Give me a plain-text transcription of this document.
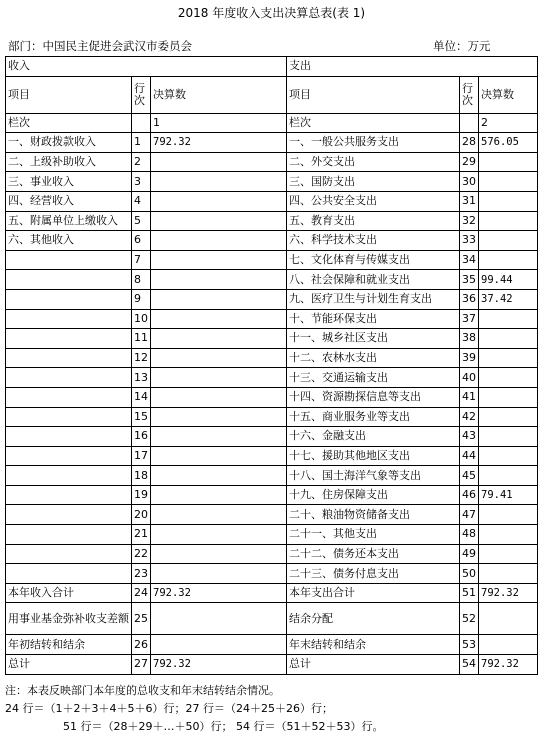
2018 年度收入支出决算总表(表 1)
部门：中国民主促进会武汉市委员会	单位：万元
收入			支出		
项目	行次	决算数	项目	行次	决算数
栏次		1	栏次		2
一、财政拨款收入	1	792.32	一、一般公共服务支出	28	576.05
二、上级补助收入	2		二、外交支出	29	
三、事业收入	3		三、国防支出	30	
四、经营收入	4		四、公共安全支出	31	
五、附属单位上缴收入	5		五、教育支出	32	
六、其他收入	6		六、科学技术支出	33	
	7		七、文化体育与传媒支出	34	
	8		八、社会保障和就业支出	35	99.44
	9		九、医疗卫生与计划生育支出	36	37.42
	10		十、节能环保支出	37	
	11		十一、城乡社区支出	38	
	12		十二、农林水支出	39	
	13		十三、交通运输支出	40	
	14		十四、资源勘探信息等支出	41	
	15		十五、商业服务业等支出	42	
	16		十六、金融支出	43	
	17		十七、援助其他地区支出	44	
	18		十八、国土海洋气象等支出	45	
	19		十九、住房保障支出	46	79.41
	20		二十、粮油物资储备支出	47	
	21		二十一、其他支出	48	
	22		二十二、债务还本支出	49	
	23		二十三、债务付息支出	50	
本年收入合计	24	792.32	本年支出合计	51	792.32
用事业基金弥补收支差额	25		结余分配	52	
年初结转和结余	26		年末结转和结余	53	
总计	27	792.32	总计	54	792.32
注：本表反映部门本年度的总收支和年末结转结余情况。
24 行＝（1＋2＋3＋4＋5＋6）行；27 行＝（24＋25＋26）行；
51 行＝（28＋29＋…＋50）行； 54 行＝（51＋52＋53）行。
